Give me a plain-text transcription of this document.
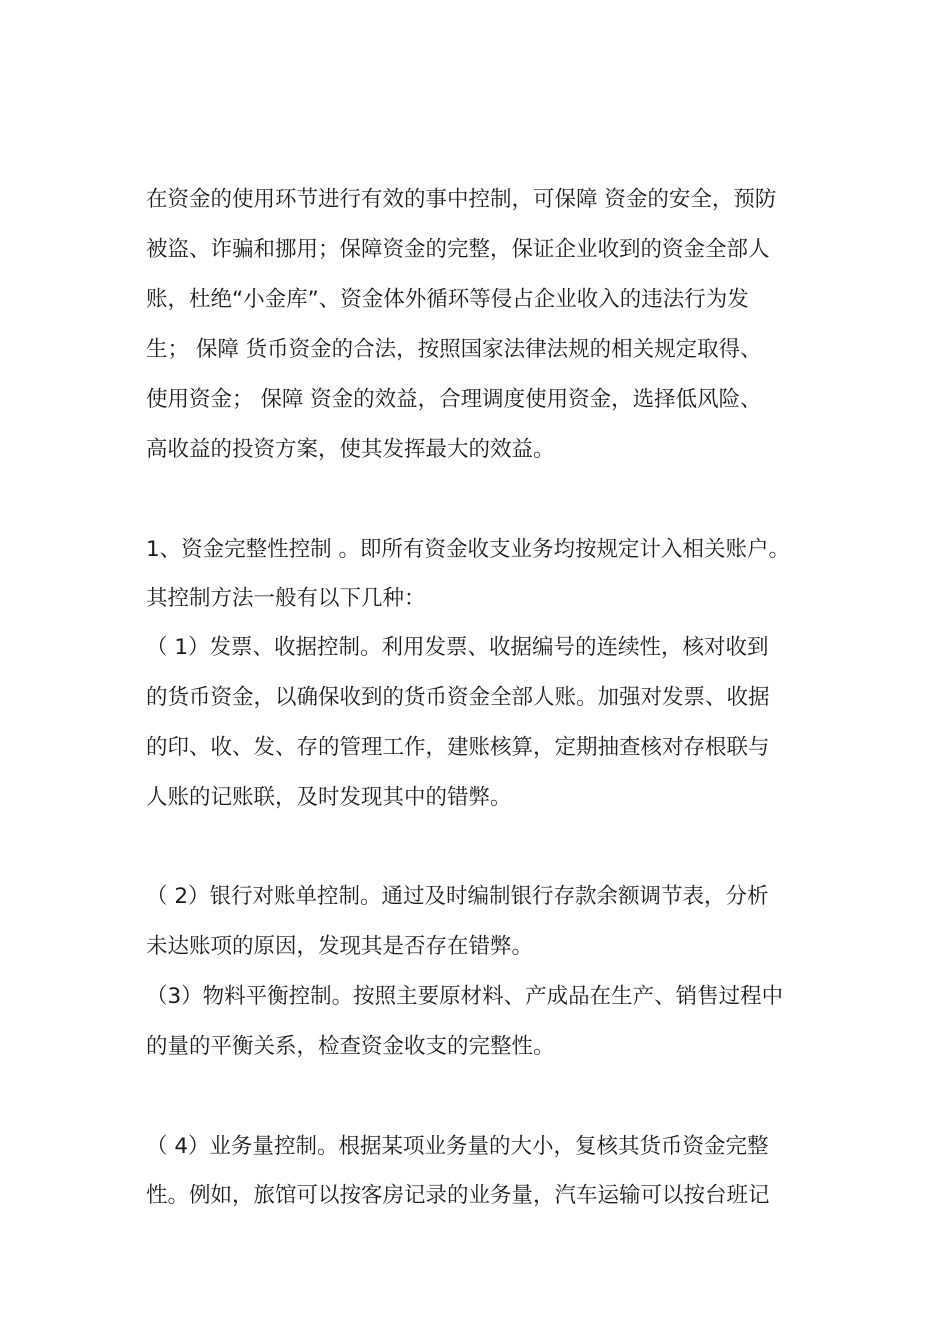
在资金的使用环节进行有效的事中控制，可保障 资金的安全，预防
被盗、诈骗和挪用；保障资金的完整，保证企业收到的资金全部人
账，杜绝“小金库”、资金体外循环等侵占企业收入的违法行为发
生； 保障 货币资金的合法，按照国家法律法规的相关规定取得、
使用资金； 保障 资金的效益，合理调度使用资金，选择低风险、
高收益的投资方案，使其发挥最大的效益。
1、资金完整性控制 。即所有资金收支业务均按规定计入相关账户。
其控制方法一般有以下几种：
（ 1）发票、收据控制。利用发票、收据编号的连续性，核对收到
的货币资金，以确保收到的货币资金全部人账。加强对发票、收据
的印、收、发、存的管理工作，建账核算，定期抽查核对存根联与
人账的记账联，及时发现其中的错弊。
（ 2）银行对账单控制。通过及时编制银行存款余额调节表，分析
未达账项的原因，发现其是否存在错弊。
（3）物料平衡控制。按照主要原材料、产成品在生产、销售过程中
的量的平衡关系，检查资金收支的完整性。
（ 4）业务量控制。根据某项业务量的大小，复核其货币资金完整
性。例如，旅馆可以按客房记录的业务量，汽车运输可以按台班记
